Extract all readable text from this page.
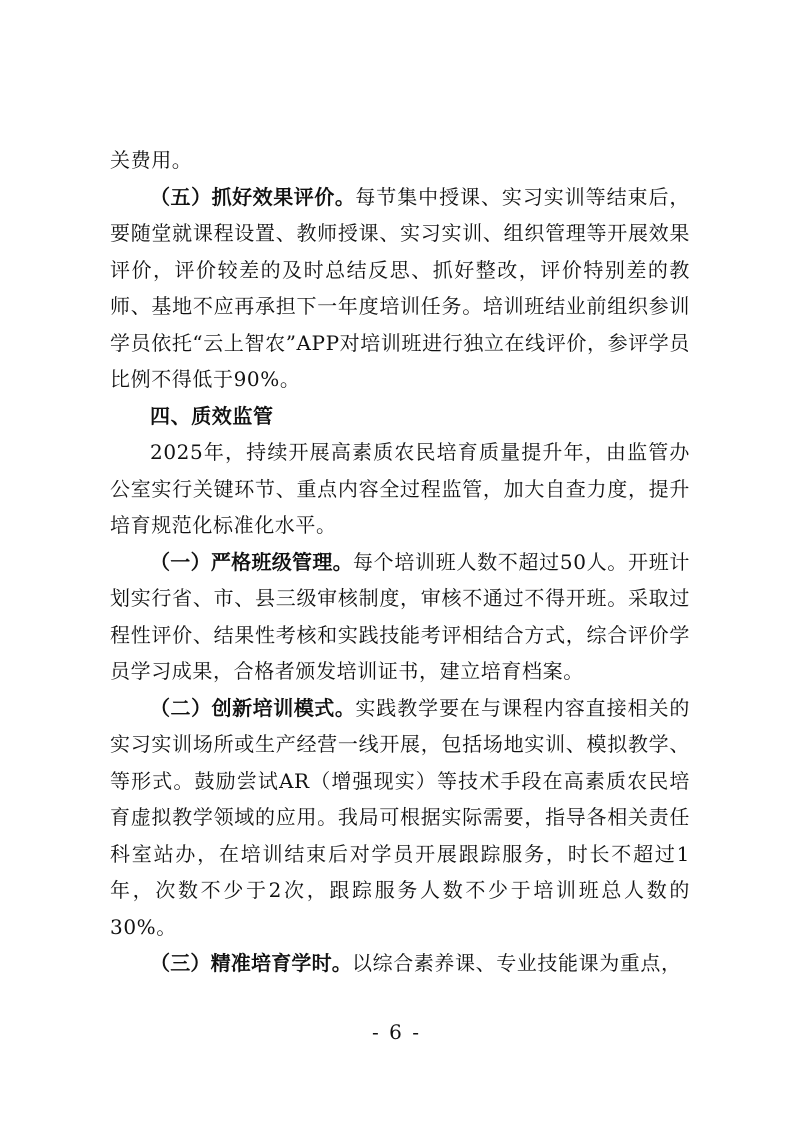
关费用。

（五）抓好效果评价。每节集中授课、实习实训等结束后，要随堂就课程设置、教师授课、实习实训、组织管理等开展效果评价，评价较差的及时总结反思、抓好整改，评价特别差的教师、基地不应再承担下一年度培训任务。培训班结业前组织参训学员依托“云上智农”APP对培训班进行独立在线评价，参评学员比例不得低于90%。

四、质效监管

2025年，持续开展高素质农民培育质量提升年，由监管办公室实行关键环节、重点内容全过程监管，加大自查力度，提升培育规范化标准化水平。

（一）严格班级管理。每个培训班人数不超过50人。开班计划实行省、市、县三级审核制度，审核不通过不得开班。采取过程性评价、结果性考核和实践技能考评相结合方式，综合评价学员学习成果，合格者颁发培训证书，建立培育档案。

（二）创新培训模式。实践教学要在与课程内容直接相关的实习实训场所或生产经营一线开展，包括场地实训、模拟教学、等形式。鼓励尝试AR（增强现实）等技术手段在高素质农民培育虚拟教学领域的应用。我局可根据实际需要，指导各相关责任科室站办，在培训结束后对学员开展跟踪服务，时长不超过1年，次数不少于2次，跟踪服务人数不少于培训班总人数的30%。

（三）精准培育学时。以综合素养课、专业技能课为重点，

- 6 -
